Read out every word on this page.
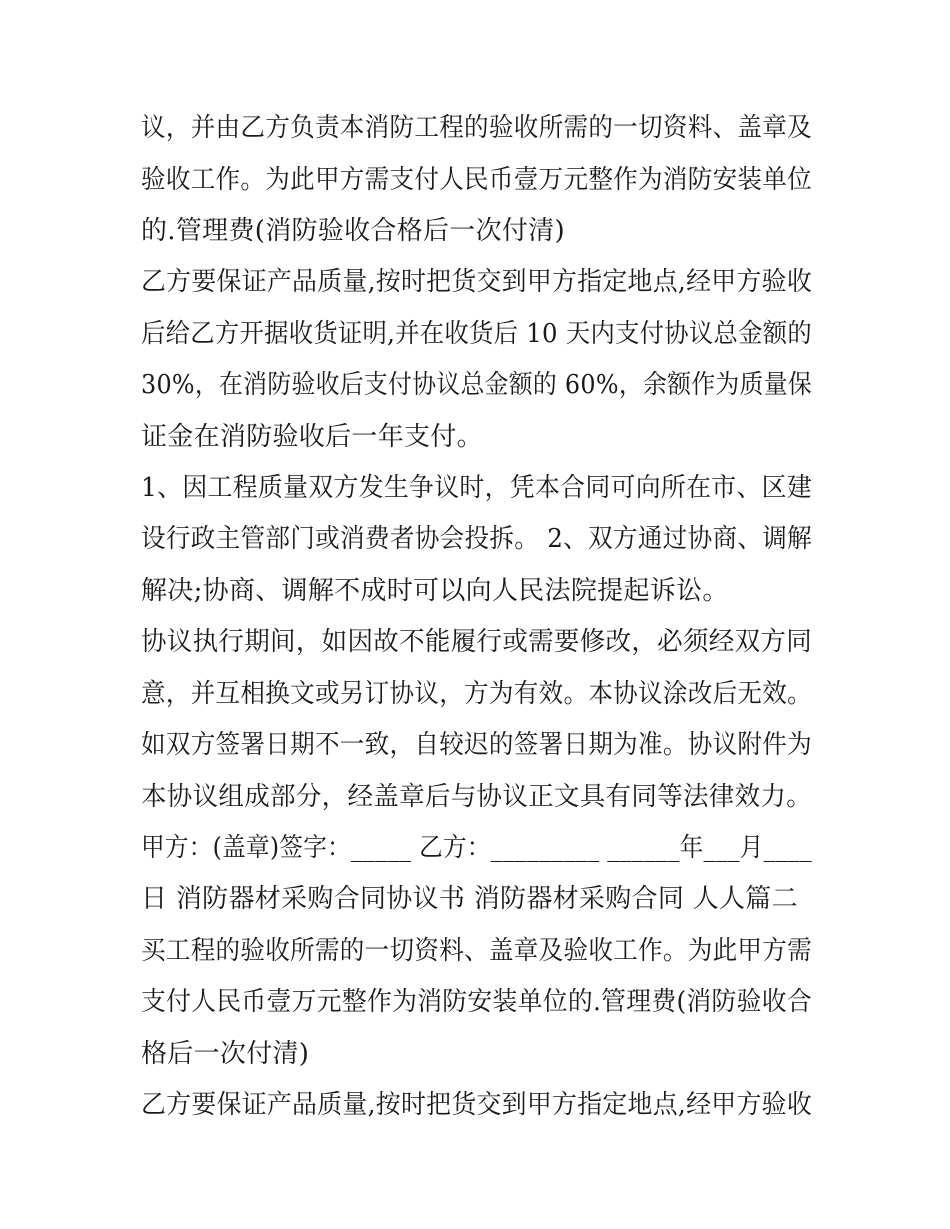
议，并由乙方负责本消防工程的验收所需的一切资料、盖章及
验收工作。为此甲方需支付人民币壹万元整作为消防安装单位
的.管理费(消防验收合格后一次付清)
乙方要保证产品质量,按时把货交到甲方指定地点,经甲方验收
后给乙方开据收货证明,并在收货后 10 天内支付协议总金额的
30%，在消防验收后支付协议总金额的 60%，余额作为质量保
证金在消防验收后一年支付。
1、因工程质量双方发生争议时，凭本合同可向所在市、区建
设行政主管部门或消费者协会投拆。 2、双方通过协商、调解
解决;协商、调解不成时可以向人民法院提起诉讼。
协议执行期间，如因故不能履行或需要修改，必须经双方同
意，并互相换文或另订协议，方为有效。本协议涂改后无效。
如双方签署日期不一致，自较迟的签署日期为准。协议附件为
本协议组成部分，经盖章后与协议正文具有同等法律效力。
甲方：(盖章)签字：_____ 乙方：_________ ______年___月____
日 消防器材采购合同协议书 消防器材采购合同 人人篇二
买工程的验收所需的一切资料、盖章及验收工作。为此甲方需
支付人民币壹万元整作为消防安装单位的.管理费(消防验收合
格后一次付清)
乙方要保证产品质量,按时把货交到甲方指定地点,经甲方验收
